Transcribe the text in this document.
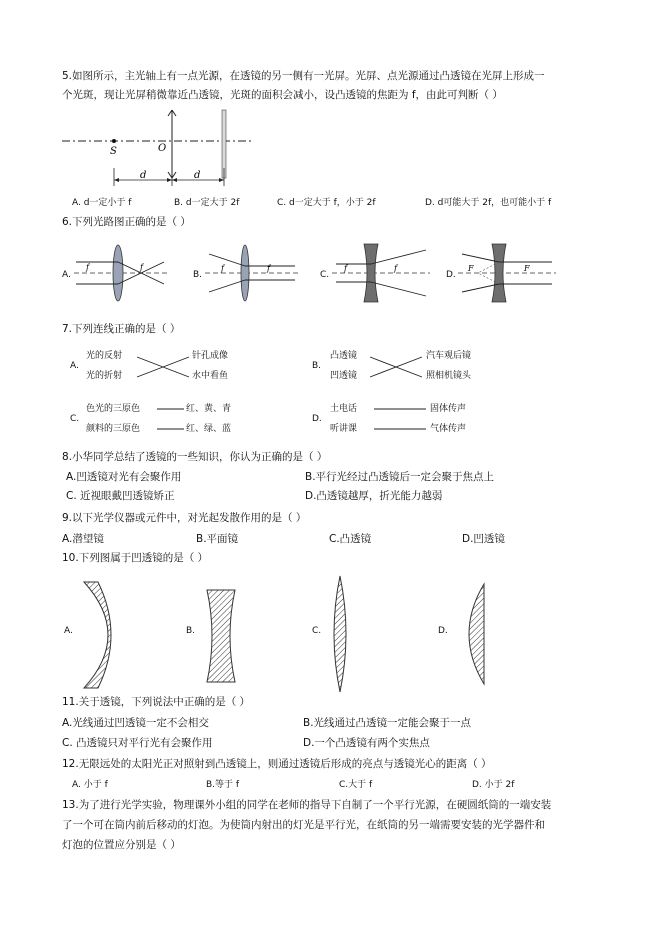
5.如图所示，主光轴上有一点光源，在透镜的另一侧有一光屏。光屏、点光源通过凸透镜在光屏上形成一
个光斑，现让光屏稍微靠近凸透镜，光斑的面积会减小，设凸透镜的焦距为 f，由此可判断（ ）
S	O
d	d
A. d一定小于 f	B. d一定大于 2f	C. d一定大于 f，小于 2f	D. d可能大于 2f，也可能小于 f
6.下列光路图正确的是（ ）
A.
f	f
B.
f	f
C.
f	f
D.
F	F
7.下列连线正确的是（ ）
A.
光的反射
光的折射
针孔成像
水中看鱼
B.
凸透镜
凹透镜
汽车观后镜
照相机镜头
C.
色光的三原色
颜料的三原色
红、黄、青
红、绿、蓝
D.
土电话
听讲课
固体传声
气体传声
8.小华同学总结了透镜的一些知识，你认为正确的是（ ）
A.凹透镜对光有会聚作用	B.平行光经过凸透镜后一定会聚于焦点上
C. 近视眼戴凹透镜矫正	D.凸透镜越厚，折光能力越弱
9.以下光学仪器或元件中，对光起发散作用的是（ ）
A.潜望镜	B.平面镜	C.凸透镜	D.凹透镜
10.下列图属于凹透镜的是（ ）
A.	B.	C.	D.
11.关于透镜，下列说法中正确的是（ ）
A.光线通过凹透镜一定不会相交	B.光线通过凸透镜一定能会聚于一点
C. 凸透镜只对平行光有会聚作用	D.一个凸透镜有两个实焦点
12.无限远处的太阳光正对照射到凸透镜上，则通过透镜后形成的亮点与透镜光心的距离（ ）
A. 小于 f	B.等于 f	C.大于 f	D. 小于 2f
13.为了进行光学实验，物理课外小组的同学在老师的指导下自制了一个平行光源，在硬圆纸筒的一端安装
了一个可在筒内前后移动的灯泡。为使筒内射出的灯光是平行光，在纸筒的另一端需要安装的光学器件和
灯泡的位置应分别是（ ）
